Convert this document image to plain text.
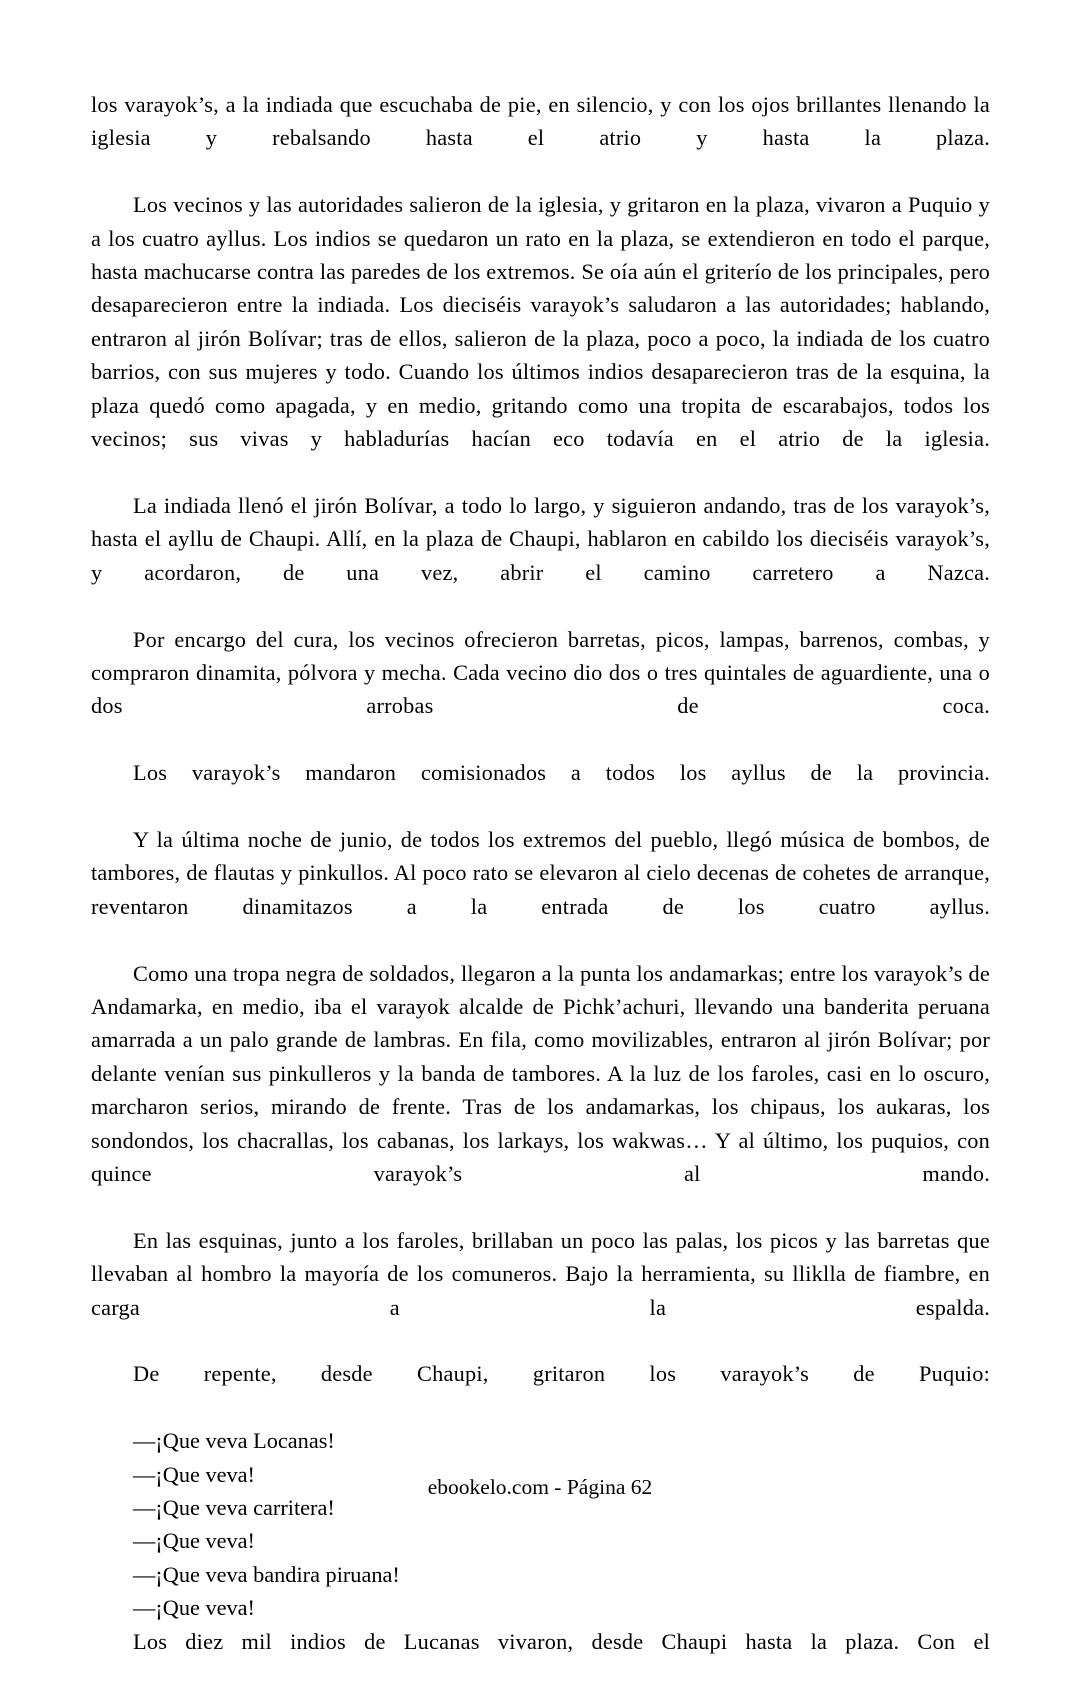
los varayok’s, a la indiada que escuchaba de pie, en silencio, y con los ojos brillantes llenando la iglesia y rebalsando hasta el atrio y hasta la plaza.

Los vecinos y las autoridades salieron de la iglesia, y gritaron en la plaza, vivaron a Puquio y a los cuatro ayllus. Los indios se quedaron un rato en la plaza, se extendieron en todo el parque, hasta machucarse contra las paredes de los extremos. Se oía aún el griterío de los principales, pero desaparecieron entre la indiada. Los dieciséis varayok’s saludaron a las autoridades; hablando, entraron al jirón Bolívar; tras de ellos, salieron de la plaza, poco a poco, la indiada de los cuatro barrios, con sus mujeres y todo. Cuando los últimos indios desaparecieron tras de la esquina, la plaza quedó como apagada, y en medio, gritando como una tropita de escarabajos, todos los vecinos; sus vivas y habladurías hacían eco todavía en el atrio de la iglesia.

La indiada llenó el jirón Bolívar, a todo lo largo, y siguieron andando, tras de los varayok’s, hasta el ayllu de Chaupi. Allí, en la plaza de Chaupi, hablaron en cabildo los dieciséis varayok’s, y acordaron, de una vez, abrir el camino carretero a Nazca.

Por encargo del cura, los vecinos ofrecieron barretas, picos, lampas, barrenos, combas, y compraron dinamita, pólvora y mecha. Cada vecino dio dos o tres quintales de aguardiente, una o dos arrobas de coca.

Los varayok’s mandaron comisionados a todos los ayllus de la provincia.

Y la última noche de junio, de todos los extremos del pueblo, llegó música de bombos, de tambores, de flautas y pinkullos. Al poco rato se elevaron al cielo decenas de cohetes de arranque, reventaron dinamitazos a la entrada de los cuatro ayllus.

Como una tropa negra de soldados, llegaron a la punta los andamarkas; entre los varayok’s de Andamarka, en medio, iba el varayok alcalde de Pichk’achuri, llevando una banderita peruana amarrada a un palo grande de lambras. En fila, como movilizables, entraron al jirón Bolívar; por delante venían sus pinkulleros y la banda de tambores. A la luz de los faroles, casi en lo oscuro, marcharon serios, mirando de frente. Tras de los andamarkas, los chipaus, los aukaras, los sondondos, los chacrallas, los cabanas, los larkays, los wakwas… Y al último, los puquios, con quince varayok’s al mando.

En las esquinas, junto a los faroles, brillaban un poco las palas, los picos y las barretas que llevaban al hombro la mayoría de los comuneros. Bajo la herramienta, su lliklla de fiambre, en carga a la espalda.

De repente, desde Chaupi, gritaron los varayok’s de Puquio:

—¡Que veva Locanas!

—¡Que veva!

—¡Que veva carritera!

—¡Que veva!

—¡Que veva bandira piruana!

—¡Que veva!

Los diez mil indios de Lucanas vivaron, desde Chaupi hasta la plaza. Con el

ebookelo.com - Página 62
